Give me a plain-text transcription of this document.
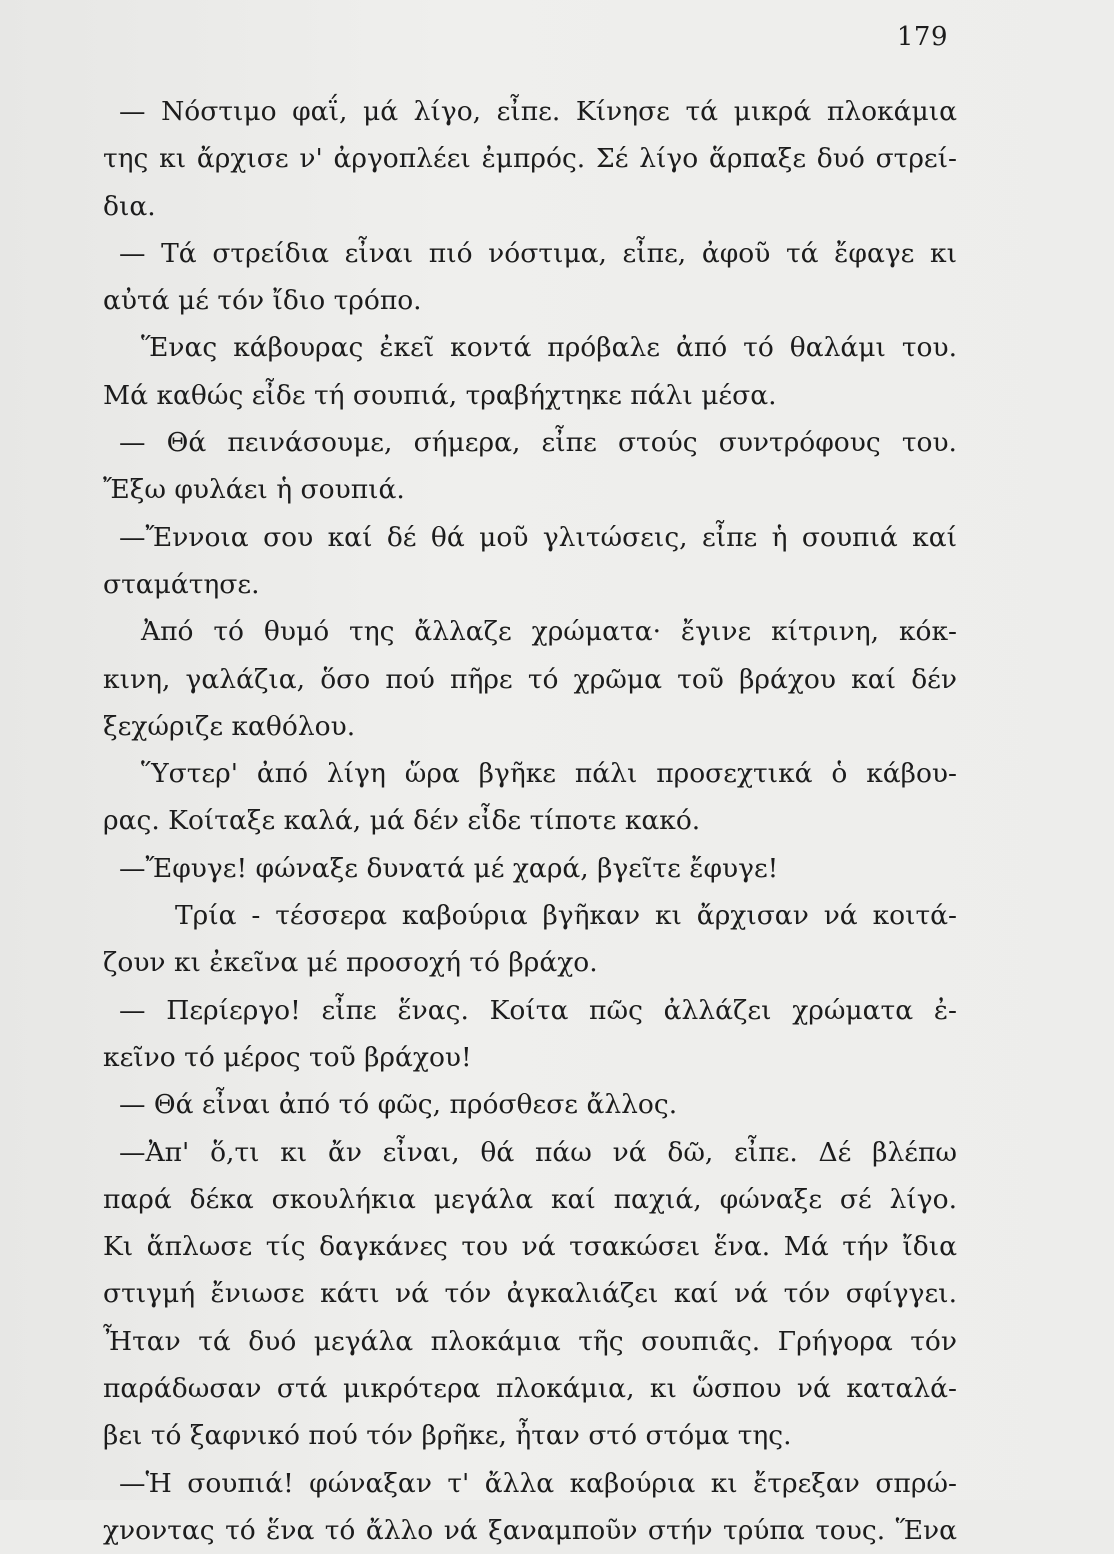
179
— Νόστιμο φαΐ, μά λίγο, εἶπε. Κίνησε τά μικρά πλοκάμια
της κι ἄρχισε ν' ἀργοπλέει ἐμπρός. Σέ λίγο ἅρπαξε δυό στρεί-
δια.
— Τά στρείδια εἶναι πιό νόστιμα, εἶπε, ἀφοῦ τά ἔφαγε κι
αὐτά μέ τόν ἴδιο τρόπο.
Ἕνας κάβουρας ἐκεῖ κοντά πρόβαλε ἀπό τό θαλάμι του.
Μά καθώς εἶδε τή σουπιά, τραβήχτηκε πάλι μέσα.
— Θά πεινάσουμε, σήμερα, εἶπε στούς συντρόφους του.
Ἔξω φυλάει ἡ σουπιά.
—Ἔννοια σου καί δέ θά μοῦ γλιτώσεις, εἶπε ἡ σουπιά καί
σταμάτησε.
Ἀπό τό θυμό της ἄλλαζε χρώματα· ἔγινε κίτρινη, κόκ-
κινη, γαλάζια, ὅσο πού πῆρε τό χρῶμα τοῦ βράχου καί δέν
ξεχώριζε καθόλου.
Ὕστερ' ἀπό λίγη ὥρα βγῆκε πάλι προσεχτικά ὁ κάβου-
ρας. Κοίταξε καλά, μά δέν εἶδε τίποτε κακό.
—Ἔφυγε! φώναξε δυνατά μέ χαρά, βγεῖτε ἔφυγε!
Τρία - τέσσερα καβούρια βγῆκαν κι ἄρχισαν νά κοιτά-
ζουν κι ἐκεῖνα μέ προσοχή τό βράχο.
— Περίεργο! εἶπε ἕνας. Κοίτα πῶς ἀλλάζει χρώματα ἐ-
κεῖνο τό μέρος τοῦ βράχου!
— Θά εἶναι ἀπό τό φῶς, πρόσθεσε ἄλλος.
—Ἀπ' ὅ,τι κι ἄν εἶναι, θά πάω νά δῶ, εἶπε. Δέ βλέπω
παρά δέκα σκουλήκια μεγάλα καί παχιά, φώναξε σέ λίγο.
Κι ἅπλωσε τίς δαγκάνες του νά τσακώσει ἕνα. Μά τήν ἴδια
στιγμή ἔνιωσε κάτι νά τόν ἀγκαλιάζει καί νά τόν σφίγγει.
Ἦταν τά δυό μεγάλα πλοκάμια τῆς σουπιᾶς. Γρήγορα τόν
παράδωσαν στά μικρότερα πλοκάμια, κι ὥσπου νά καταλά-
βει τό ξαφνικό πού τόν βρῆκε, ἦταν στό στόμα της.
—Ἡ σουπιά! φώναξαν τ' ἄλλα καβούρια κι ἔτρεξαν σπρώ-
χνοντας τό ἕνα τό ἄλλο νά ξαναμποῦν στήν τρύπα τους. Ἕνα
